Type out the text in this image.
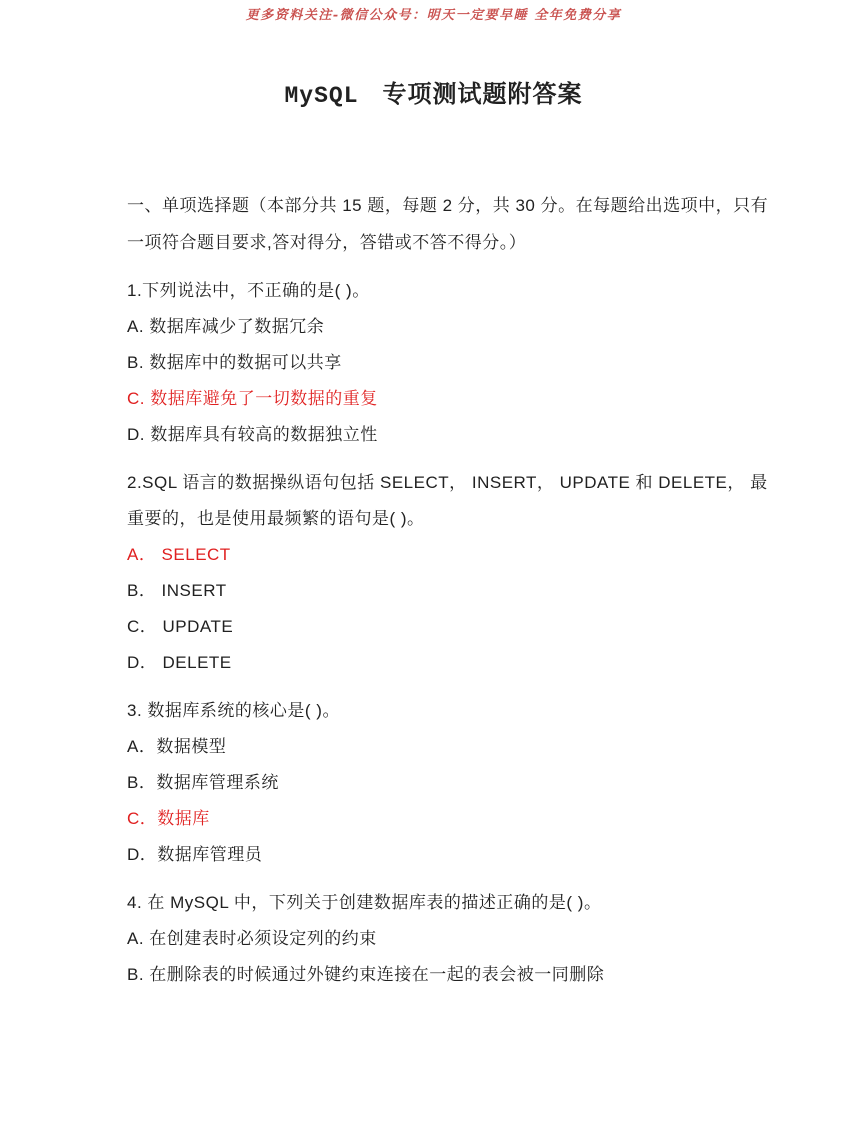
更多资料关注-微信公众号：明天一定要早睡 全年免费分享
MySQL 专项测试题附答案
一、单项选择题（本部分共 15 题，每题 2 分，共 30 分。在每题给出选项中，只有
一项符合题目要求,答对得分，答错或不答不得分。）
1.下列说法中，不正确的是( )。
A. 数据库减少了数据冗余
B. 数据库中的数据可以共享
C. 数据库避免了一切数据的重复
D. 数据库具有较高的数据独立性
2.SQL 语言的数据操纵语句包括 SELECT， INSERT， UPDATE 和 DELETE， 最
重要的，也是使用最频繁的语句是( )。
A． SELECT
B． INSERT
C． UPDATE
D． DELETE
3. 数据库系统的核心是( )。
A．数据模型
B．数据库管理系统
C．数据库
D．数据库管理员
4. 在 MySQL 中，下列关于创建数据库表的描述正确的是( )。
A. 在创建表时必须设定列的约束
B. 在删除表的时候通过外键约束连接在一起的表会被一同删除
